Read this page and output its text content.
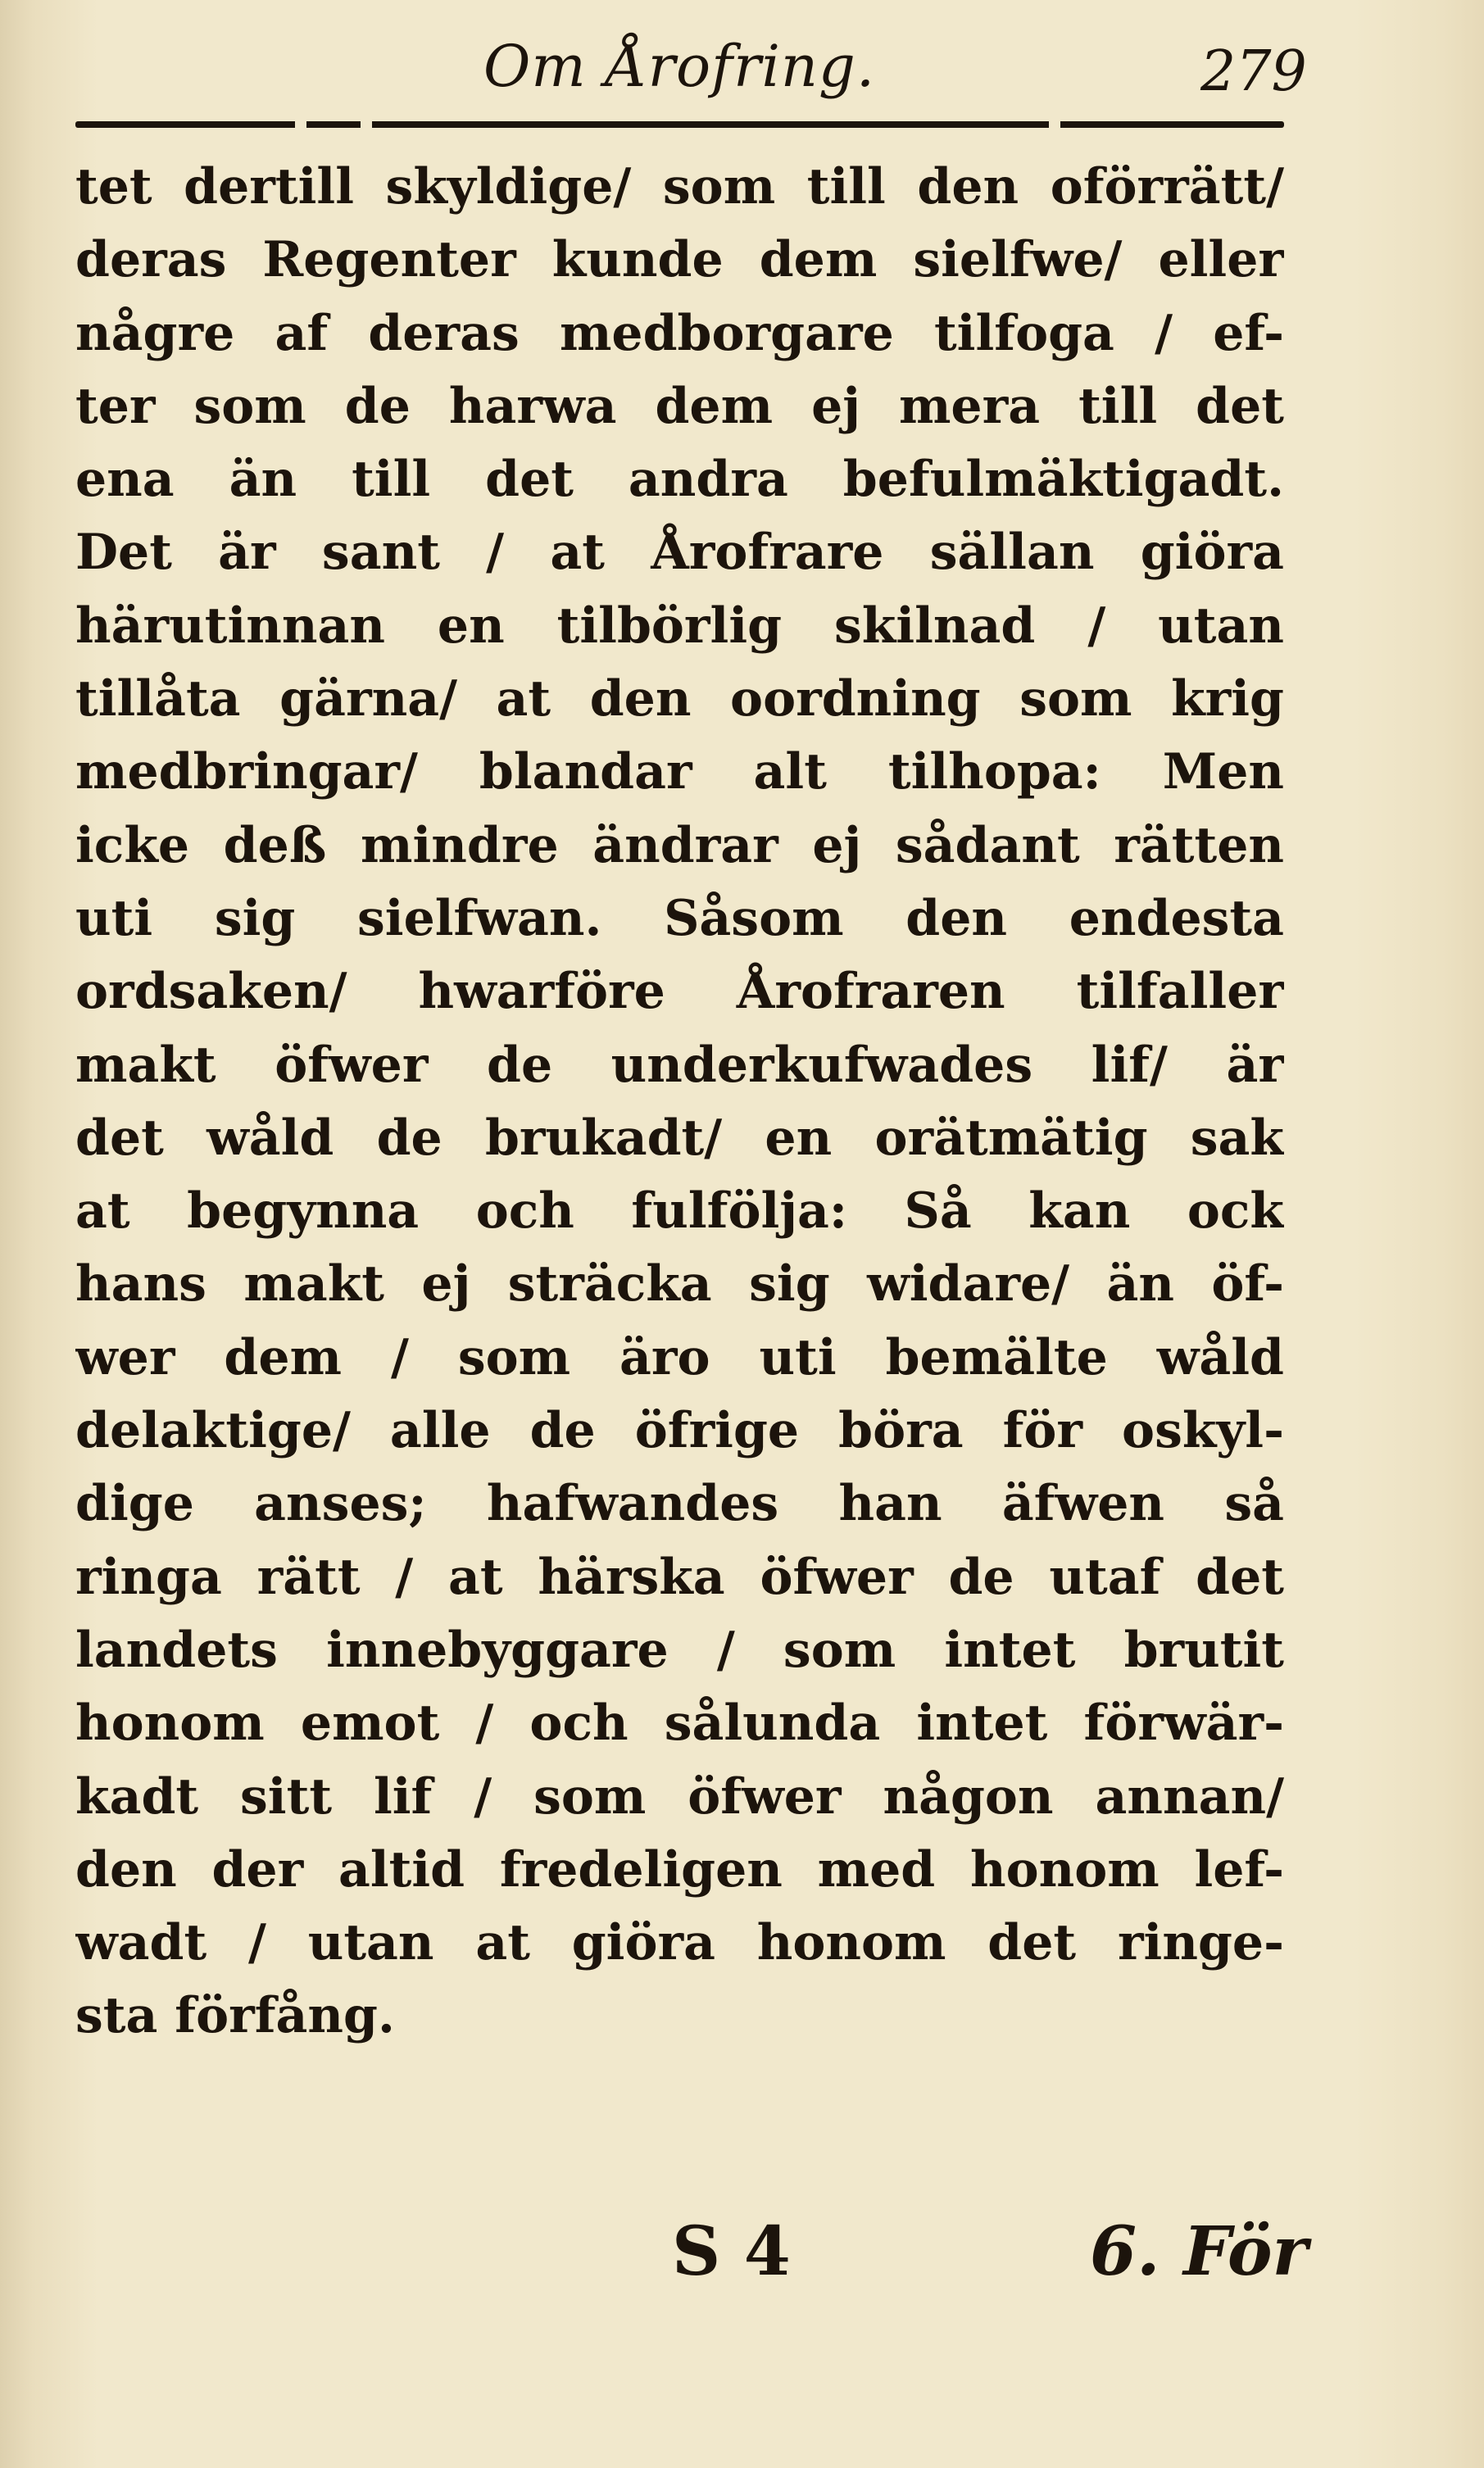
Om Årofring.	279
tet dertill skyldige/ som till den oförrätt/
deras Regenter kunde dem sielfwe/ eller
någre af deras medborgare tilfoga / ef-
ter som de harwa dem ej mera till det
ena än till det andra befulmäktigadt.
Det är sant / at Årofrare sällan giöra
härutinnan en tilbörlig skilnad / utan
tillåta gärna/ at den oordning som krig
medbringar/ blandar alt tilhopa: Men
icke deß mindre ändrar ej sådant rätten
uti sig sielfwan. Såsom den endesta
ordsaken/ hwarföre Årofraren tilfaller
makt öfwer de underkufwades lif/ är
det wåld de brukadt/ en orätmätig sak
at begynna och fulfölja: Så kan ock
hans makt ej sträcka sig widare/ än öf-
wer dem / som äro uti bemälte wåld
delaktige/ alle de öfrige böra för oskyl-
dige anses; hafwandes han äfwen så
ringa rätt / at härska öfwer de utaf det
landets innebyggare / som intet brutit
honom emot / och sålunda intet förwär-
kadt sitt lif / som öfwer någon annan/
den der altid fredeligen med honom lef-
wadt / utan at giöra honom det ringe-
sta förfång.
S 4	6. För
